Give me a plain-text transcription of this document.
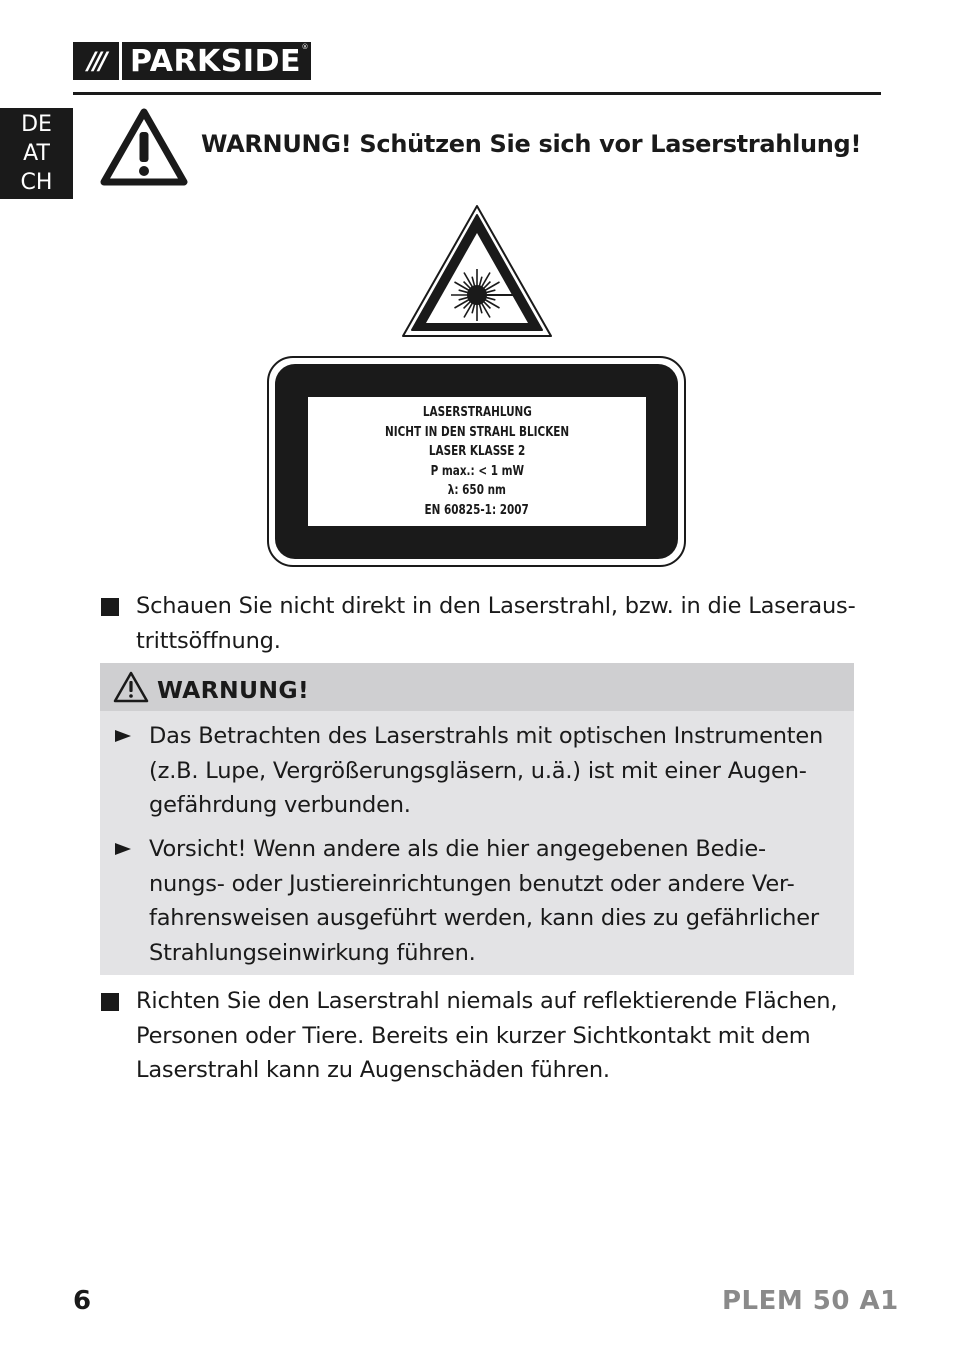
/// PARKSIDE ®
DE
AT
CH
WARNUNG! Schützen Sie sich vor Laserstrahlung!
LASERSTRAHLUNG
NICHT IN DEN STRAHL BLICKEN
LASER KLASSE 2
P max.: < 1 mW
λ: 650 nm
EN 60825-1: 2007
Schauen Sie nicht direkt in den Laserstrahl, bzw. in die Laseraus-
trittsöffnung.
WARNUNG!
Das Betrachten des Laserstrahls mit optischen Instrumenten
(z.B. Lupe, Vergrößerungsgläsern, u.ä.) ist mit einer Augen-
gefährdung verbunden.
Vorsicht! Wenn andere als die hier angegebenen Bedie-
nungs- oder Justiereinrichtungen benutzt oder andere Ver-
fahrensweisen ausgeführt werden, kann dies zu gefährlicher
Strahlungseinwirkung führen.
Richten Sie den Laserstrahl niemals auf reflektierende Flächen,
Personen oder Tiere. Bereits ein kurzer Sichtkontakt mit dem
Laserstrahl kann zu Augenschäden führen.
6	PLEM 50 A1
